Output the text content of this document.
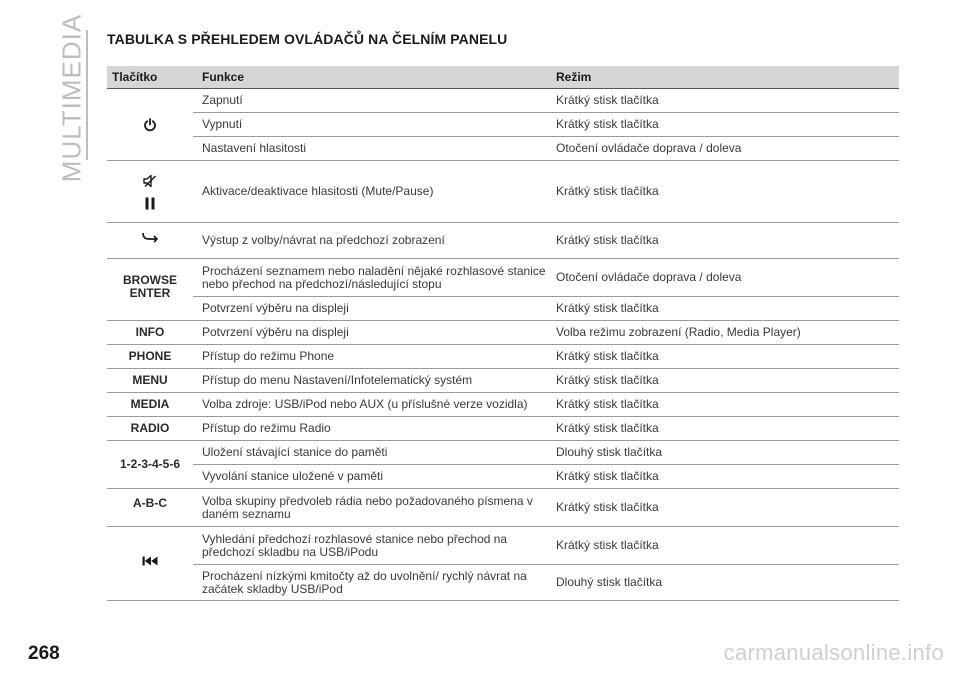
MULTIMEDIA TABULKA S PŘEHLEDEM OVLÁDAČŮ NA ČELNÍM PANELU
Tlačítko	Funkce	Režim

	Zapnutí	Krátký stisk tlačítka
	Vypnutí	Krátký stisk tlačítka
	Nastavení hlasitosti	Otočení ovládače doprava / doleva

	Aktivace/deaktivace hlasitosti (Mute/Pause)	Krátký stisk tlačítka

	Výstup z volby/návrat na předchozí zobrazení	Krátký stisk tlačítka
BROWSE ENTER	Procházení seznamem nebo naladění nějaké rozhlasové stanice nebo přechod na předchozí/následující stopu	Otočení ovládače doprava / doleva
	Potvrzení výběru na displeji	Krátký stisk tlačítka
INFO	Potvrzení výběru na displeji	Volba režimu zobrazení (Radio, Media Player)
PHONE	Přístup do režimu Phone	Krátký stisk tlačítka
MENU	Přístup do menu Nastavení/Infotelematický systém	Krátký stisk tlačítka
MEDIA	Volba zdroje: USB/iPod nebo AUX (u příslušné verze vozidla)	Krátký stisk tlačítka
RADIO	Přístup do režimu Radio	Krátký stisk tlačítka
1-2-3-4-5-6	Uložení stávající stanice do paměti	Dlouhý stisk tlačítka
	Vyvolání stanice uložené v paměti	Krátký stisk tlačítka
A-B-C	Volba skupiny předvoleb rádia nebo požadovaného písmena v daném seznamu	Krátký stisk tlačítka

	Vyhledání předchozí rozhlasové stanice nebo přechod na předchozí skladbu na USB/iPodu	Krátký stisk tlačítka
	Procházení nízkými kmitočty až do uvolnění/ rychlý návrat na začátek skladby USB/iPod	Dlouhý stisk tlačítka
268	carmanualsonline.info
